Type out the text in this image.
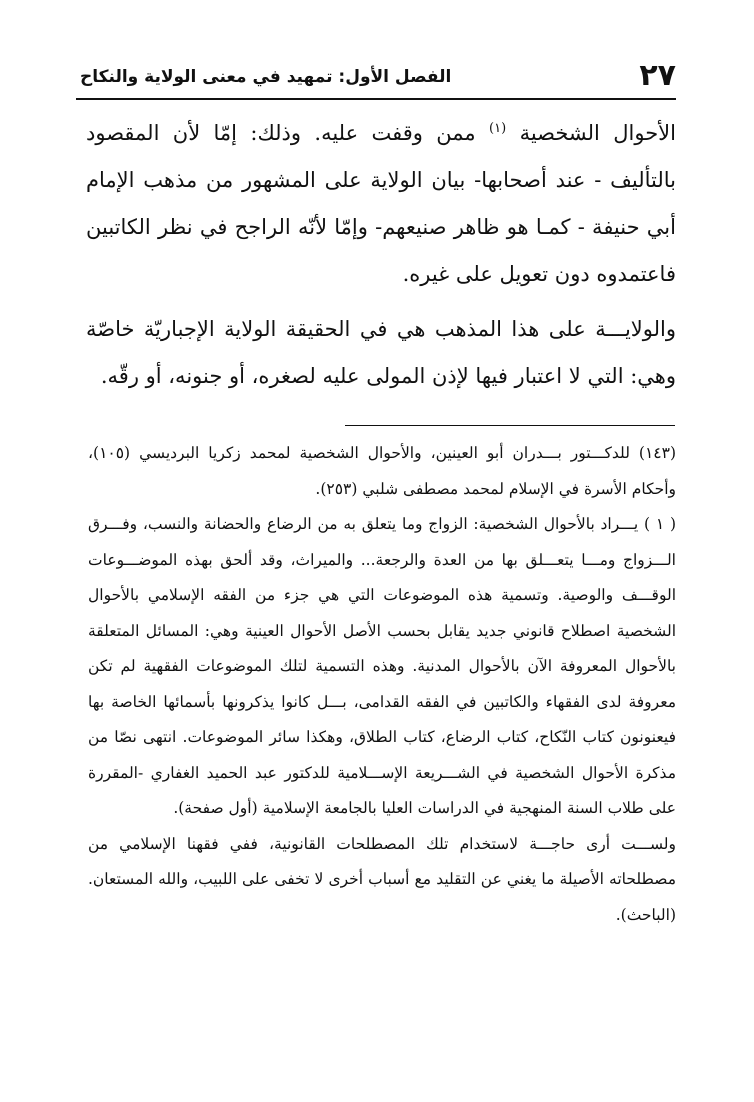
٢٧
الفصل الأول: تمهيد في معنى الولاية والنكاح

الأحوال الشخصية $^{(١)}$ ممن وقفت عليه. وذلك: إمّا لأن المقصود بالتأليف - عند أصحابها- بيان الولاية على المشهور من مذهب الإمام أبي حنيفة - كمـا هو ظاهر صنيعهم- وإمّا لأنّه الراجح في نظر الكاتبين فاعتمدوه دون تعويل على غيره.

والولايـــة على هذا المذهب هي في الحقيقة الولاية الإجباريّة خاصّة وهي: التي لا اعتبار فيها لإذن المولى عليه لصغره، أو جنونه، أو رقّه.

(١٤٣) للدكـــتور بـــدران أبو العينين، والأحوال الشخصية لمحمد زكريا البرديسي (١٠٥)، وأحكام الأسرة في الإسلام لمحمد مصطفى شلبي (٢٥٣).

( ١ ) يـــراد بالأحوال الشخصية: الزواج وما يتعلق به من الرضاع والحضانة والنسب، وفـــرق الـــزواج ومـــا يتعـــلق بها من العدة والرجعة... والميراث، وقد ألحق بهذه الموضـــوعات الوقـــف والوصية. وتسمية هذه الموضوعات التي هي جزء من الفقه الإسلامي بالأحوال الشخصية اصطلاح قانوني جديد يقابل بحسب الأصل الأحوال العينية وهي: المسائل المتعلقة بالأحوال المعروفة الآن بالأحوال المدنية. وهذه التسمية لتلك الموضوعات الفقهية لم تكن معروفة لدى الفقهاء والكاتبين في الفقه القدامى، بـــل كانوا يذكرونها بأسمائها الخاصة بها فيعنونون كتاب النّكاح، كتاب الرضاع، كتاب الطلاق، وهكذا سائر الموضوعات. انتهى نصّا من مذكرة الأحوال الشخصية في الشـــريعة الإســـلامية للدكتور عبد الحميد الغفاري -المقررة على طلاب السنة المنهجية في الدراسات العليا بالجامعة الإسلامية (أول صفحة).

ولســـت أرى حاجـــة لاستخدام تلك المصطلحات القانونية، ففي فقهنا الإسلامي من مصطلحاته الأصيلة ما يغني عن التقليد مع أسباب أخرى لا تخفى على اللبيب، والله المستعان. (الباحث).
